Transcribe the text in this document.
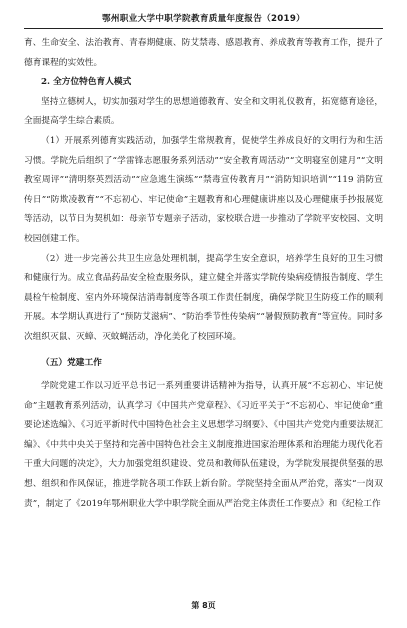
鄂州职业大学中职学院教育质量年度报告（2019）

育、生命安全、法治教育、青春期健康、防艾禁毒、感恩教育、养成教育等教育工作，提升了德育课程的实效性。

2. 全方位特色育人模式

坚持立德树人，切实加强对学生的思想道德教育、安全和文明礼仪教育，拓宽德育途径，全面提高学生综合素质。

（1）开展系列德育实践活动，加强学生常规教育，促使学生养成良好的文明行为和生活习惯。学院先后组织了“学雷锋志愿服务系列活动”“安全教育周活动”“文明寝室创建月”“文明教室周评”“清明祭英烈活动”“应急逃生演练”“禁毒宣传教育月”“消防知识培训”“119 消防宣传日”“防欺凌教育”“不忘初心、牢记使命”主题教育和心理健康讲座以及心理健康手抄报展览等活动，以节日为契机如：母亲节专题亲子活动，家校联合进一步推动了学院平安校园、文明校园创建工作。

（2）进一步完善公共卫生应急处理机制，提高学生安全意识，培养学生良好的卫生习惯和健康行为。成立食品药品安全检查服务队，建立健全并落实学院传染病疫情报告制度、学生晨检午检制度、室内外环境保洁消毒制度等各项工作责任制度，确保学院卫生防疫工作的顺利开展。本学期认真进行了“预防艾滋病”、“防治季节性传染病”“暑假预防教育”等宣传。同时多次组织灭鼠、灭蟑、灭蚊蝇活动，净化美化了校园环境。

（五）党建工作

学院党建工作以习近平总书记一系列重要讲话精神为指导，认真开展“不忘初心、牢记使命”主题教育系列活动，认真学习《中国共产党章程》、《习近平关于“不忘初心、牢记使命”重要论述选编》、《习近平新时代中国特色社会主义思想学习纲要》、《中国共产党党内重要法规汇编》、《中共中央关于坚持和完善中国特色社会主义制度推进国家治理体系和治理能力现代化若干重大问题的决定》，大力加强党组织建设、党员和教师队伍建设，为学院发展提供坚强的思想、组织和作风保证，推进学院各项工作跃上新台阶。学院坚持全面从严治党，落实“一岗双责”，制定了《2019年鄂州职业大学中职学院全面从严治党主体责任工作要点》和《纪检工作

第 8页
